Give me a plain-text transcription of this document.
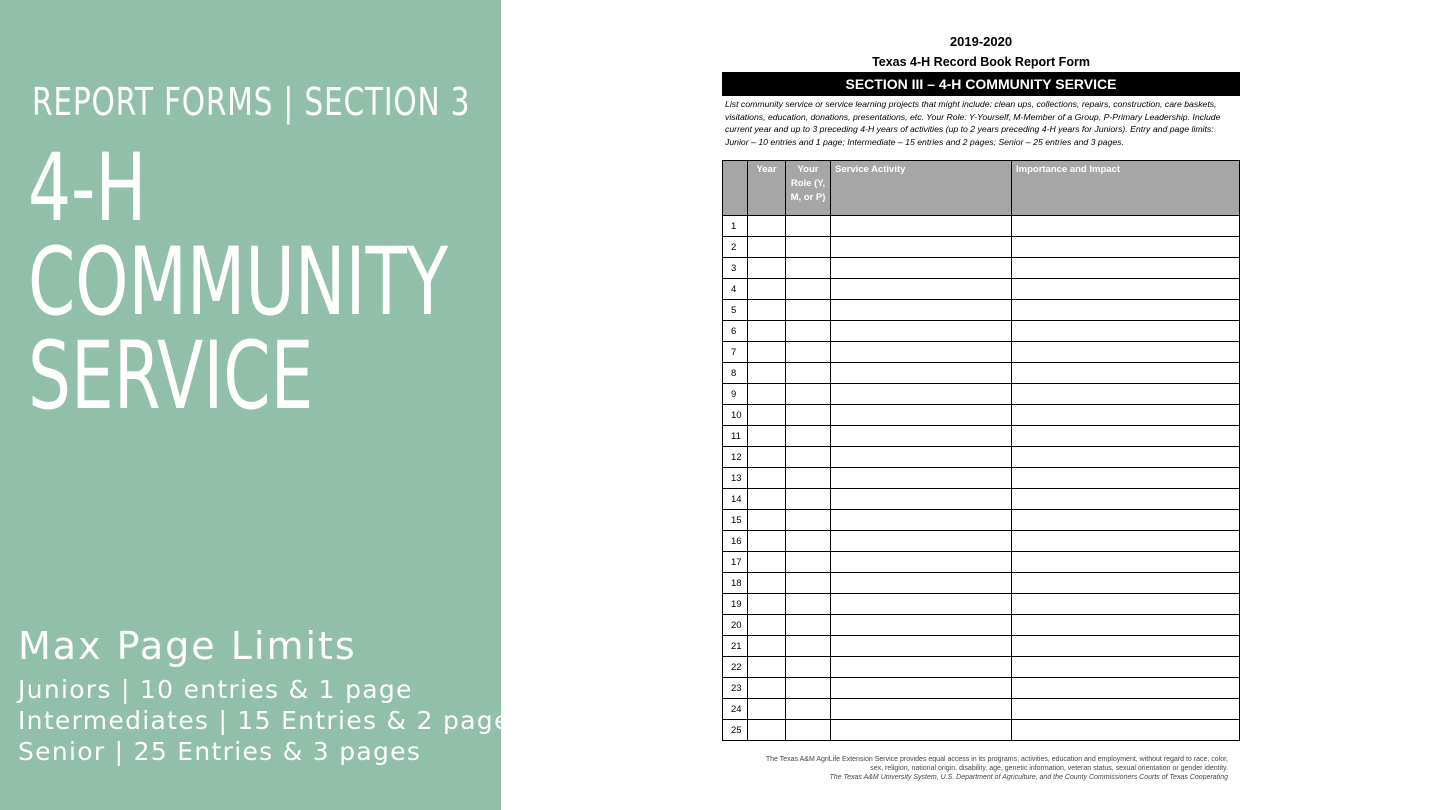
REPORT FORMS | SECTION 3
4-H
COMMUNITY
SERVICE
Max Page Limits
Juniors | 10 entries & 1 page
Intermediates | 15 Entries & 2 pages
Senior | 25 Entries & 3 pages
2019-2020
Texas 4-H Record Book Report Form
SECTION III – 4-H COMMUNITY SERVICE
List community service or service learning projects that might include: clean ups, collections, repairs, construction, care baskets, visitations, education, donations, presentations, etc. Your Role: Y-Yourself, M-Member of a Group, P-Primary Leadership. Include current year and up to 3 preceding 4-H years of activities (up to 2 years preceding 4-H years for Juniors). Entry and page limits: Junior – 10 entries and 1 page; Intermediate – 15 entries and 2 pages; Senior – 25 entries and 3 pages.
	Year	Your Role (Y, M, or P)	Service Activity	Importance and Impact
1				
2				
3				
4				
5				
6				
7				
8				
9				
10				
11				
12				
13				
14				
15				
16				
17				
18				
19				
20				
21				
22				
23				
24				
25				
The Texas A&M AgriLife Extension Service provides equal access in its programs, activities, education and employment, without regard to race, color,
sex, religion, national origin, disability, age, genetic information, veteran status, sexual orientation or gender identity.
The Texas A&M University System, U.S. Department of Agriculture, and the County Commissioners Courts of Texas Cooperating
